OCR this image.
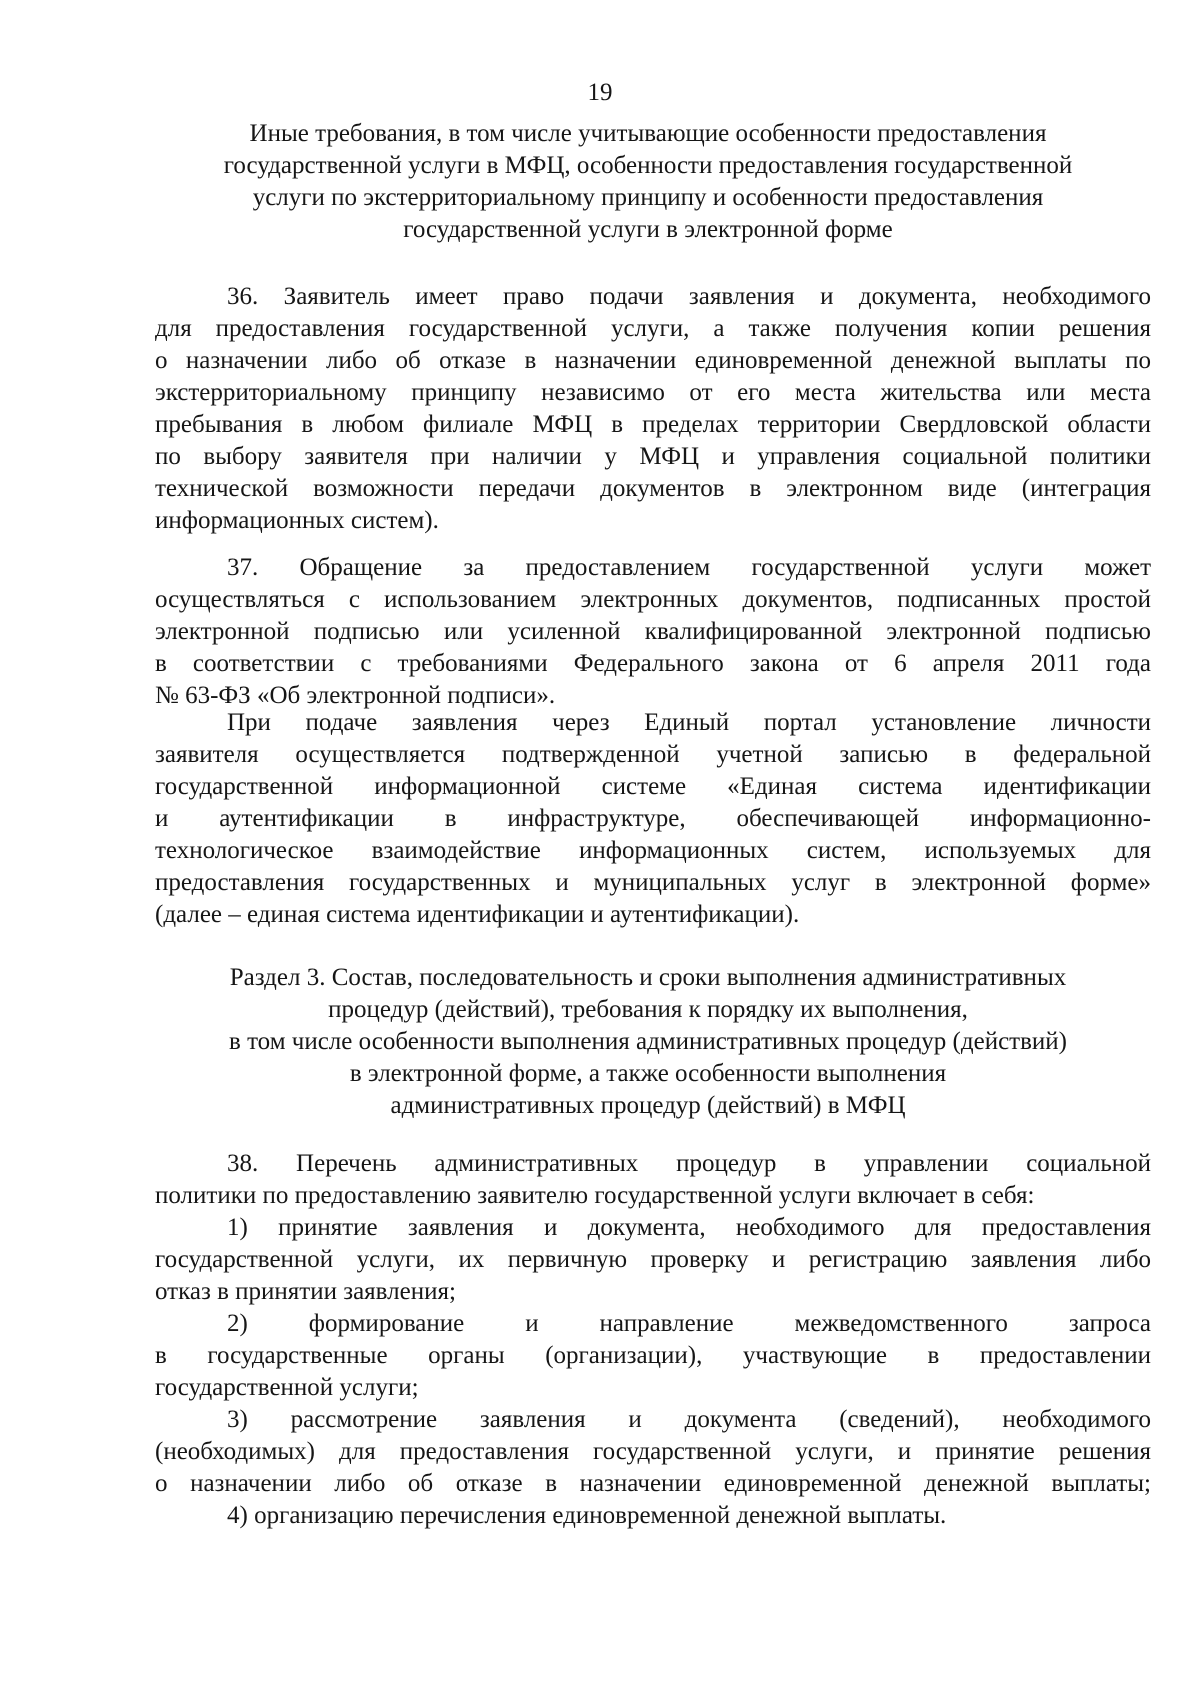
19
Иные требования, в том числе учитывающие особенности предоставления
государственной услуги в МФЦ, особенности предоставления государственной
услуги по экстерриториальному принципу и особенности предоставления
государственной услуги в электронной форме
36. Заявитель имеет право подачи заявления и документа, необходимого
для предоставления государственной услуги, а также получения копии решения
о назначении либо об отказе в назначении единовременной денежной выплаты по
экстерриториальному принципу независимо от его места жительства или места
пребывания в любом филиале МФЦ в пределах территории Свердловской области
по выбору заявителя при наличии у МФЦ и управления социальной политики
технической возможности передачи документов в электронном виде (интеграция
информационных систем).
37. Обращение за предоставлением государственной услуги может
осуществляться с использованием электронных документов, подписанных простой
электронной подписью или усиленной квалифицированной электронной подписью
в соответствии с требованиями Федерального закона от 6 апреля 2011 года
№ 63-ФЗ «Об электронной подписи».
При подаче заявления через Единый портал установление личности
заявителя осуществляется подтвержденной учетной записью в федеральной
государственной информационной системе «Единая система идентификации
и аутентификации в инфраструктуре, обеспечивающей информационно-
технологическое взаимодействие информационных систем, используемых для
предоставления государственных и муниципальных услуг в электронной форме»
(далее – единая система идентификации и аутентификации).
Раздел 3. Состав, последовательность и сроки выполнения административных
процедур (действий), требования к порядку их выполнения,
в том числе особенности выполнения административных процедур (действий)
в электронной форме, а также особенности выполнения
административных процедур (действий) в МФЦ
38. Перечень административных процедур в управлении социальной
политики по предоставлению заявителю государственной услуги включает в себя:
1) принятие заявления и документа, необходимого для предоставления
государственной услуги, их первичную проверку и регистрацию заявления либо
отказ в принятии заявления;
2) формирование и направление межведомственного запроса
в государственные органы (организации), участвующие в предоставлении
государственной услуги;
3) рассмотрение заявления и документа (сведений), необходимого
(необходимых) для предоставления государственной услуги, и принятие решения
о назначении либо об отказе в назначении единовременной денежной выплаты;
4) организацию перечисления единовременной денежной выплаты.
